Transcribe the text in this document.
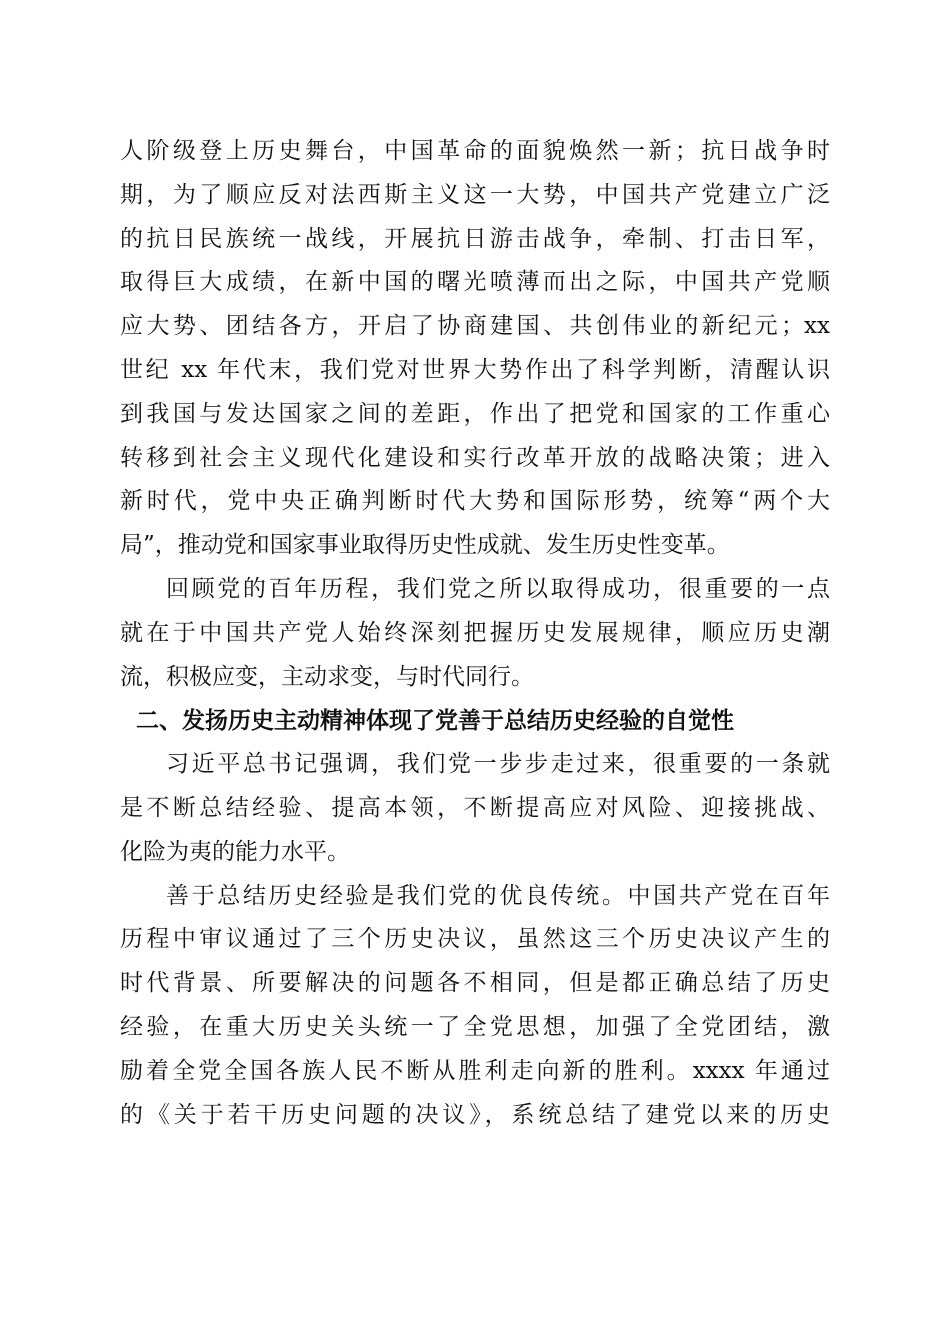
人阶级登上历史舞台，中国革命的面貌焕然一新；抗日战争时
期，为了顺应反对法西斯主义这一大势，中国共产党建立广泛
的抗日民族统一战线，开展抗日游击战争，牵制、打击日军，
取得巨大成绩，在新中国的曙光喷薄而出之际，中国共产党顺
应大势、团结各方，开启了协商建国、共创伟业的新纪元；xx
世纪 xx 年代末，我们党对世界大势作出了科学判断，清醒认识
到我国与发达国家之间的差距，作出了把党和国家的工作重心
转移到社会主义现代化建设和实行改革开放的战略决策；进入
新时代，党中央正确判断时代大势和国际形势，统筹“两个大
局”，推动党和国家事业取得历史性成就、发生历史性变革。
回顾党的百年历程，我们党之所以取得成功，很重要的一点
就在于中国共产党人始终深刻把握历史发展规律，顺应历史潮
流，积极应变，主动求变，与时代同行。
二、发扬历史主动精神体现了党善于总结历史经验的自觉性
习近平总书记强调，我们党一步步走过来，很重要的一条就
是不断总结经验、提高本领，不断提高应对风险、迎接挑战、
化险为夷的能力水平。
善于总结历史经验是我们党的优良传统。中国共产党在百年
历程中审议通过了三个历史决议，虽然这三个历史决议产生的
时代背景、所要解决的问题各不相同，但是都正确总结了历史
经验，在重大历史关头统一了全党思想，加强了全党团结，激
励着全党全国各族人民不断从胜利走向新的胜利。xxxx 年通过
的《关于若干历史问题的决议》，系统总结了建党以来的历史
